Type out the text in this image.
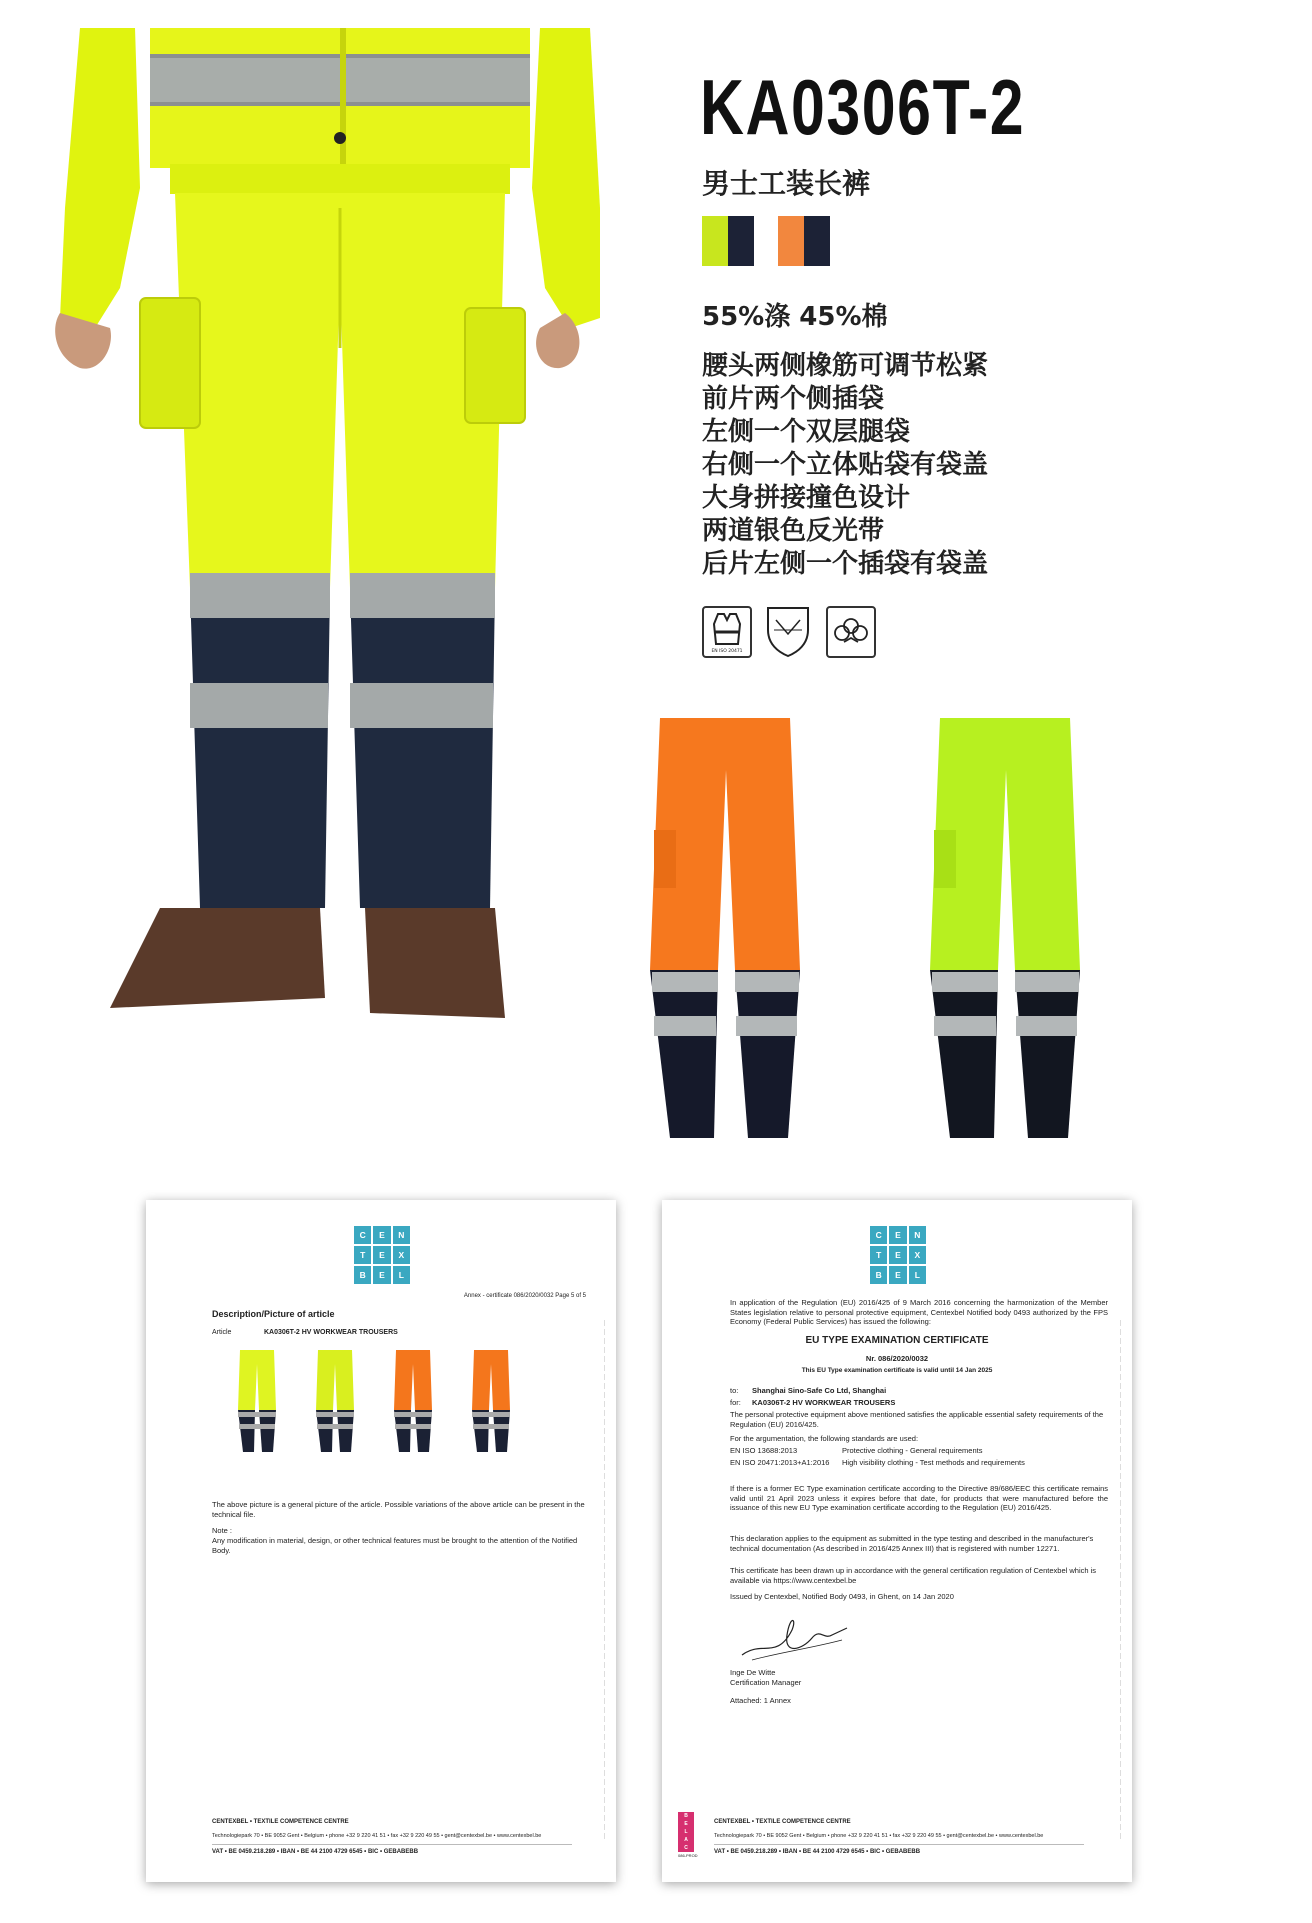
KA0306T-2
男士工装长裤
55%涤 45%棉
腰头两侧橡筋可调节松紧
前片两个侧插袋
左侧一个双层腿袋
右侧一个立体贴袋有袋盖
大身拼接撞色设计
两道银色反光带
后片左侧一个插袋有袋盖
EN ISO 20471
C	E	N
T	E	X
B	E	L
Annex - certificate 086/2020/0032 Page 5 of 5
Description/Picture of article
Article	KA0306T-2 HV WORKWEAR TROUSERS
The above picture is a general picture of the article. Possible variations of the above article can be present in the technical file.
Note :
Any modification in material, design, or other technical features must be brought to the attention of the Notified Body.
CENTEXBEL • TEXTILE COMPETENCE CENTRE
Technologiepark 70 • BE 9052 Gent • Belgium • phone +32 9 220 41 51 • fax +32 9 220 49 55 • gent@centexbel.be • www.centexbel.be
VAT • BE 0459.218.289 • IBAN • BE 44 2100 4729 6545 • BIC • GEBABEBB
C	E	N
T	E	X
B	E	L
In application of the Regulation (EU) 2016/425 of 9 March 2016 concerning the harmonization of the Member States legislation relative to personal protective equipment, Centexbel Notified body 0493 authorized by the FPS Economy (Federal Public Services) has issued the following:
EU TYPE EXAMINATION CERTIFICATE
Nr. 086/2020/0032
This EU Type examination certificate is valid until 14 Jan 2025
to: Shanghai Sino-Safe Co Ltd, Shanghai
for: KA0306T-2 HV WORKWEAR TROUSERS
The personal protective equipment above mentioned satisfies the applicable essential safety requirements of the Regulation (EU) 2016/425.
For the argumentation, the following standards are used:
EN ISO 13688:2013	Protective clothing - General requirements
EN ISO 20471:2013+A1:2016 High visibility clothing - Test methods and requirements
If there is a former EC Type examination certificate according to the Directive 89/686/EEC this certificate remains valid until 21 April 2023 unless it expires before that date, for products that were manufactured before the issuance of this new EU Type examination certificate according to the Regulation (EU) 2016/425.
This declaration applies to the equipment as submitted in the type testing and described in the manufacturer's technical documentation (As described in 2016/425 Annex III) that is registered with number 12271.
This certificate has been drawn up in accordance with the general certification regulation of Centexbel which is available via https://www.centexbel.be
Issued by Centexbel, Notified Body 0493, in Ghent, on 14 Jan 2020
Inge De Witte
Certification Manager
Attached: 1 Annex
B
E
L
A
C
086-PROD
CENTEXBEL • TEXTILE COMPETENCE CENTRE
Technologiepark 70 • BE 9052 Gent • Belgium • phone +32 9 220 41 51 • fax +32 9 220 49 55 • gent@centexbel.be • www.centexbel.be
VAT • BE 0459.218.289 • IBAN • BE 44 2100 4729 6545 • BIC • GEBABEBB
